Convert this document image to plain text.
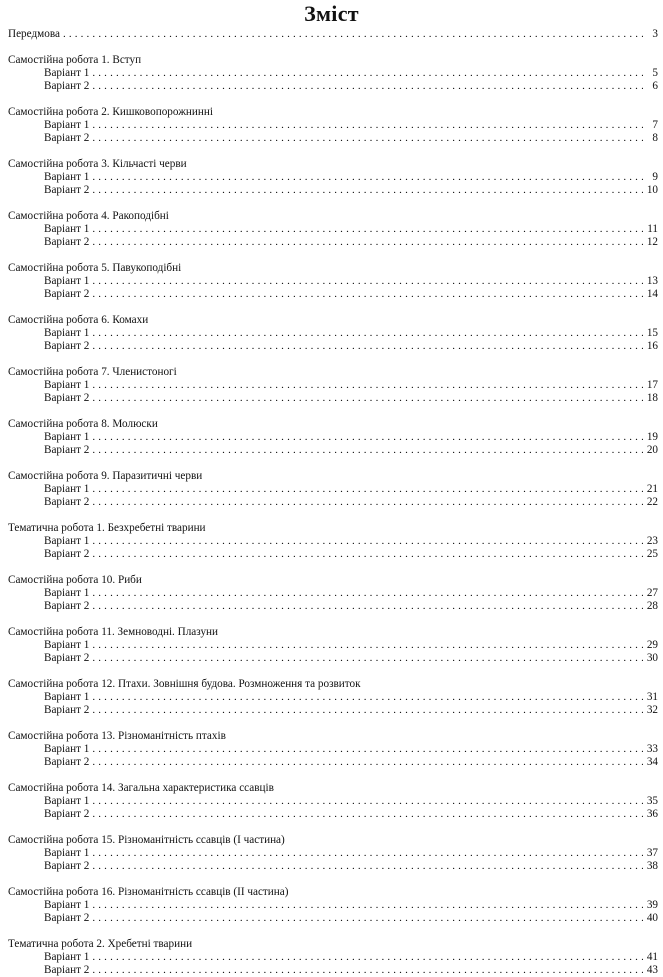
Зміст
Передмова . . .	3
Самостійна робота 1. Вступ
Варіант 1 . . .	5
Варіант 2 . . .	6
Самостійна робота 2. Кишковопорожнинні
Варіант 1 . . .	7
Варіант 2 . . .	8
Самостійна робота 3. Кільчасті черви
Варіант 1 . . .	9
Варіант 2 . . .	10
Самостійна робота 4. Ракоподібні
Варіант 1 . . .	11
Варіант 2 . . .	12
Самостійна робота 5. Павукоподібні
Варіант 1 . . .	13
Варіант 2 . . .	14
Самостійна робота 6. Комахи
Варіант 1 . . .	15
Варіант 2 . . .	16
Самостійна робота 7. Членистоногі
Варіант 1 . . .	17
Варіант 2 . . .	18
Самостійна робота 8. Молюски
Варіант 1 . . .	19
Варіант 2 . . .	20
Самостійна робота 9. Паразитичні черви
Варіант 1 . . .	21
Варіант 2 . . .	22
Тематична робота 1. Безхребетні тварини
Варіант 1 . . .	23
Варіант 2 . . .	25
Самостійна робота 10. Риби
Варіант 1 . . .	27
Варіант 2 . . .	28
Самостійна робота 11. Земноводні. Плазуни
Варіант 1 . . .	29
Варіант 2 . . .	30
Самостійна робота 12. Птахи. Зовнішня будова. Розмноження та розвиток
Варіант 1 . . .	31
Варіант 2 . . .	32
Самостійна робота 13. Різноманітність птахів
Варіант 1 . . .	33
Варіант 2 . . .	34
Самостійна робота 14. Загальна характеристика ссавців
Варіант 1 . . .	35
Варіант 2 . . .	36
Самостійна робота 15. Різноманітність ссавців (I частина)
Варіант 1 . . .	37
Варіант 2 . . .	38
Самостійна робота 16. Різноманітність ссавців (II частина)
Варіант 1 . . .	39
Варіант 2 . . .	40
Тематична робота 2. Хребетні тварини
Варіант 1 . . .	41
Варіант 2 . . .	43
